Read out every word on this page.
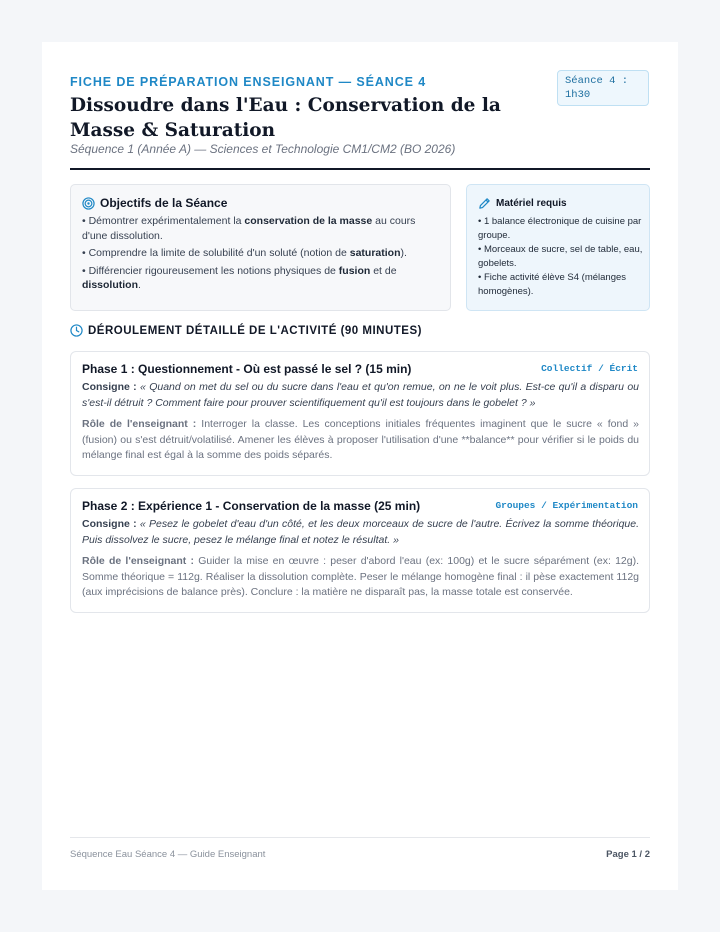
FICHE DE PRÉPARATION ENSEIGNANT — SÉANCE 4
Dissoudre dans l'Eau : Conservation de la Masse & Saturation
Séquence 1 (Année A) — Sciences et Technologie CM1/CM2 (BO 2026)
Séance 4 : 1h30
Objectifs de la Séance

• Démontrer expérimentalement la conservation de la masse au cours d'une dissolution.

• Comprendre la limite de solubilité d'un soluté (notion de saturation).

• Différencier rigoureusement les notions physiques de fusion et de dissolution.

Matériel requis
• 1 balance électronique de cuisine par groupe.
• Morceaux de sucre, sel de table, eau, gobelets.
• Fiche activité élève S4 (mélanges homogènes).
DÉROULEMENT DÉTAILLÉ DE L'ACTIVITÉ (90 MINUTES)
Phase 1 : Questionnement - Où est passé le sel ? (15 min)	Collectif / Écrit

Consigne : « Quand on met du sel ou du sucre dans l'eau et qu'on remue, on ne le voit plus. Est-ce qu'il a disparu ou s'est-il détruit ? Comment faire pour prouver scientifiquement qu'il est toujours dans le gobelet ? »

Rôle de l'enseignant : Interroger la classe. Les conceptions initiales fréquentes imaginent que le sucre « fond » (fusion) ou s'est détruit/volatilisé. Amener les élèves à proposer l'utilisation d'une **balance** pour vérifier si le poids du mélange final est égal à la somme des poids séparés.

Phase 2 : Expérience 1 - Conservation de la masse (25 min)	Groupes / Expérimentation

Consigne : « Pesez le gobelet d'eau d'un côté, et les deux morceaux de sucre de l'autre. Écrivez la somme théorique. Puis dissolvez le sucre, pesez le mélange final et notez le résultat. »

Rôle de l'enseignant : Guider la mise en œuvre : peser d'abord l'eau (ex: 100g) et le sucre séparément (ex: 12g). Somme théorique = 112g. Réaliser la dissolution complète. Peser le mélange homogène final : il pèse exactement 112g (aux imprécisions de balance près). Conclure : la matière ne disparaît pas, la masse totale est conservée.

Séquence Eau Séance 4 — Guide Enseignant	Page 1 / 2
